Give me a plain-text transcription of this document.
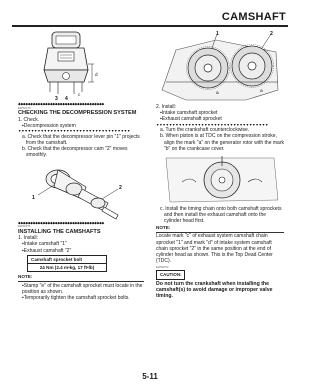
CAMSHAFT
3 4
c
d
◆◆◆◆◆◆◆◆◆◆◆◆◆◆◆◆◆◆◆◆◆◆◆◆◆◆◆◆◆◆◆◆◆◆◆
EWS0370
CHECKING THE DECOMPRESSION SYSTEM
1. Check.
▪Decompression system
▼▼▼▼▼▼▼▼▼▼▼▼▼▼▼▼▼▼▼▼▼▼▼▼▼▼▼▼▼▼▼▼▼▼▼
a. Check that the decompressor lever pin "1" projects from the camshaft.
b. Check that the decompressor cam "2" moves smoothly.
1
2
◆◆◆◆◆◆◆◆◆◆◆◆◆◆◆◆◆◆◆◆◆◆◆◆◆◆◆◆◆◆◆◆◆◆◆
EWS0371
INSTALLING THE CAMSHAFTS
1. Install:
▪Intake camshaft "1"
▪Exhaust camshaft "2"
Camshaft sprocket bolt
24 Nm (2.4 m•kg, 17 ft•lb)
NOTE:
▪Stamp "e" of the camshaft sprocket must locate in the position as shown.
▪Temporarily tighten the camshaft sprocket bolts.
1	2
a	a
2. Install:
▪Intake camshaft sprocket
▪Exhaust camshaft sprocket
▼▼▼▼▼▼▼▼▼▼▼▼▼▼▼▼▼▼▼▼▼▼▼▼▼▼▼▼▼▼▼▼▼▼▼
a. Turn the crankshaft counterclockwise.
b. When piston is at TDC on the compression stroke, align the mark "a" on the generator rotor with the mark "b" on the crankcase cover.
c. Install the timing chain onto both camshaft sprockets and then install the exhaust camshaft onto the cylinder head first.
NOTE:
Locate mark "c" of exhaust system camshaft chain sprocket "1" and mark "d" of intake system camshaft chain sprocket "2" in the same position at the end of cylinder head as shown. This is the Top Dead Center (TDC).
EWS0372
CAUTION:
Do not turn the crankshaft when installing the camshaft(s) to avoid damage or improper valve timing.
5-11
